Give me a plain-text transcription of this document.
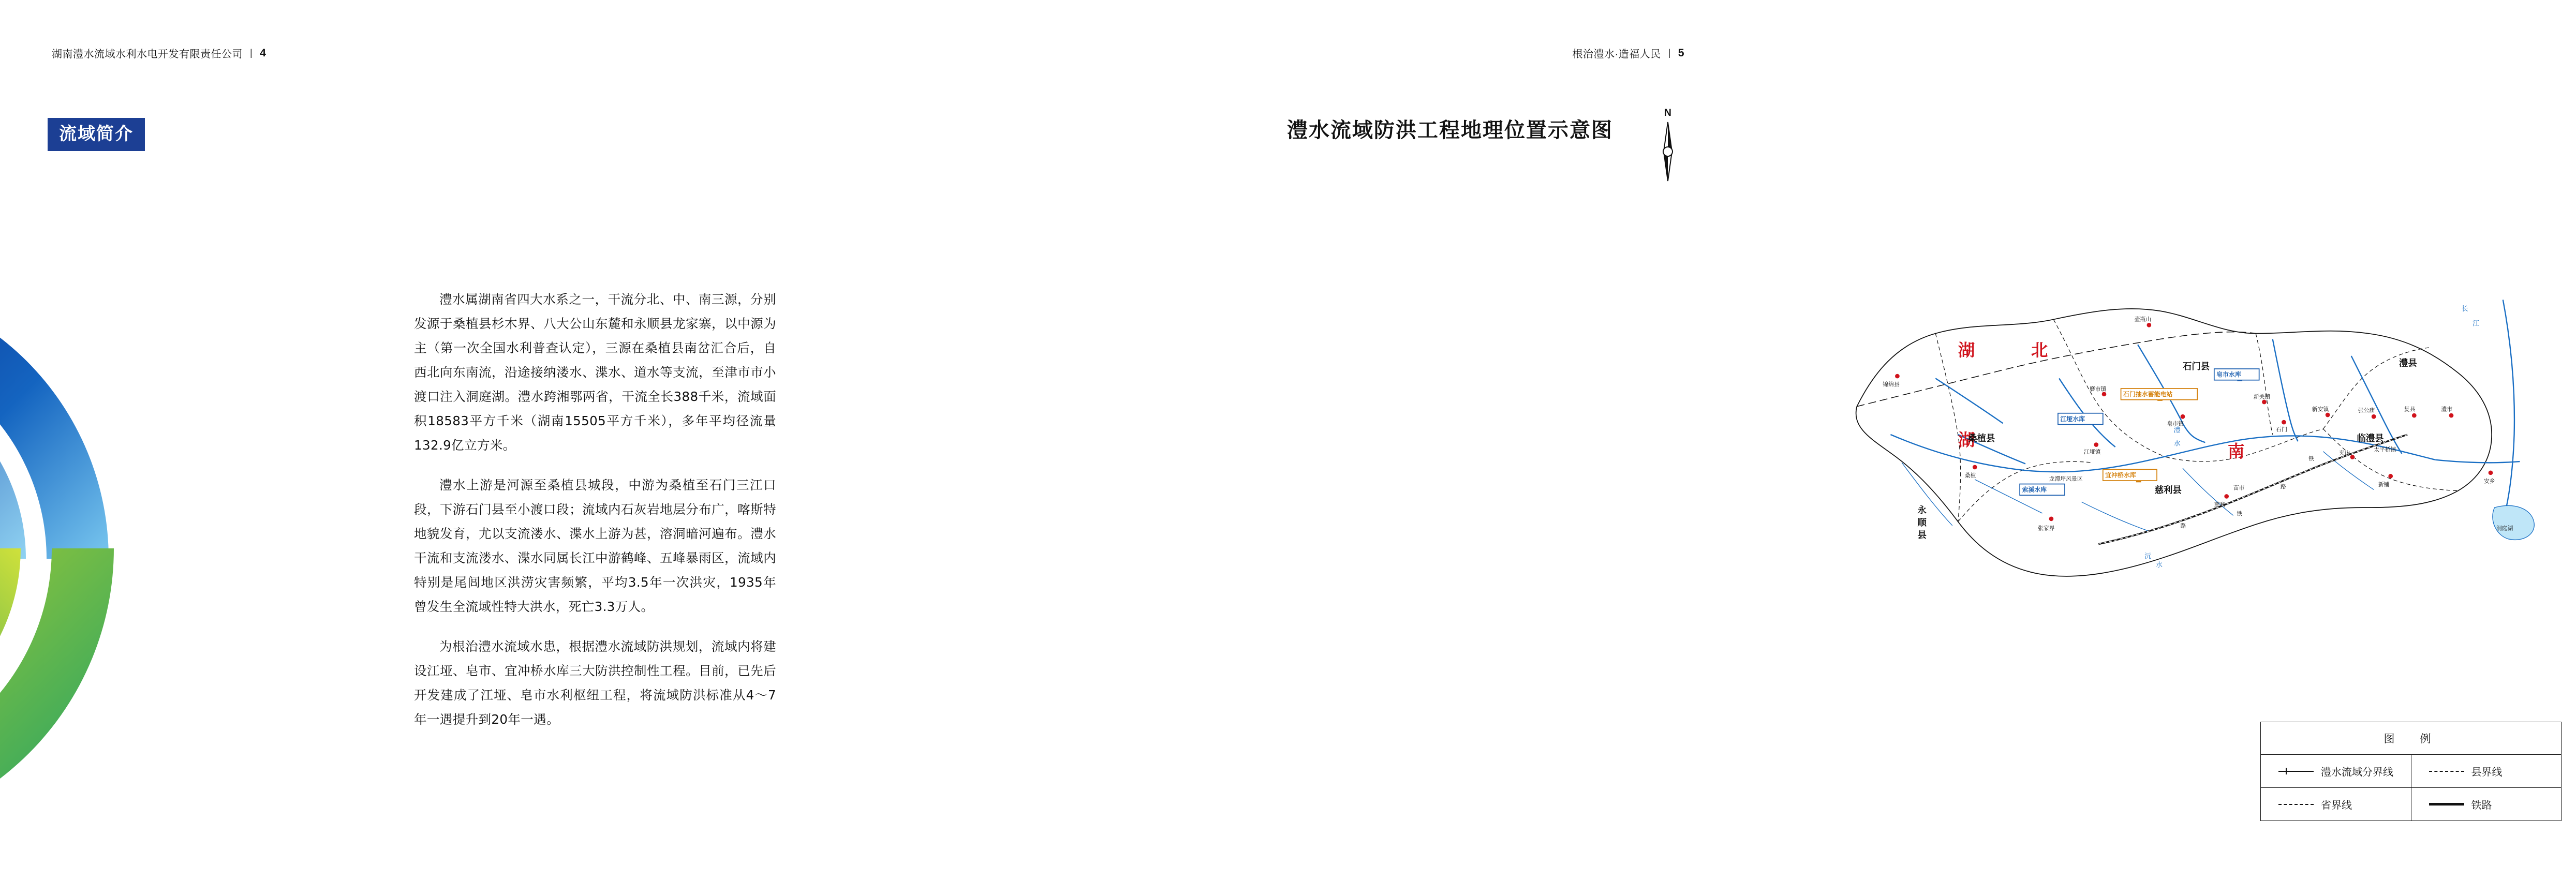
湖南澧水流域水利水电开发有限责任公司 | 4
流域简介

澧水属湖南省四大水系之一，干流分北、中、南三源，分别发源于桑植县杉木界、八大公山东麓和永顺县龙家寨，以中源为主（第一次全国水利普查认定），三源在桑植县南岔汇合后，自西北向东南流，沿途接纳溇水、渫水、道水等支流，至津市市小渡口注入洞庭湖。澧水跨湘鄂两省，干流全长388千米，流域面积18583平方千米（湖南15505平方千米），多年平均径流量132.9亿立方米。

澧水上游是河源至桑植县城段，中游为桑植至石门三江口段，下游石门县至小渡口段；流域内石灰岩地层分布广，喀斯特地貌发育，尤以支流溇水、渫水上游为甚，溶洞暗河遍布。澧水干流和支流溇水、渫水同属长江中游鹤峰、五峰暴雨区，流域内特别是尾闾地区洪涝灾害频繁，平均3.5年一次洪灾，1935年曾发生全流域性特大洪水，死亡3.3万人。

为根治澧水流域水患，根据澧水流域防洪规划，流域内将建设江垭、皂市、宜冲桥水库三大防洪控制性工程。目前，已先后开发建成了江垭、皂市水利枢纽工程，将流域防洪标准从4～7年一遇提升到20年一遇。

根治澧水·造福人民 | 5
澧水流域防洪工程地理位置示意图
N
湖	北
湖
南
石门县	澧县
桑植县
慈利县
临澧县
永
顺
县
壶瓶山
锦绵县
磨市镇
新关镇
皂市镇
石门
新安镇	张公庙	复县	澧市
江垭镇	夹山
太平桥镇
桑植
新铺
安乡
苗市
慈利
龙潭坪风景区
张家界	洞庭湖
长
江
澧
水
沅
水
铁
路
铁
路
皂市水库
石门抽水蓄能电站
江垭水库
宜冲桥水库
索溪水库
图　例
澧水流域分界线	县界线
省界线	铁路
